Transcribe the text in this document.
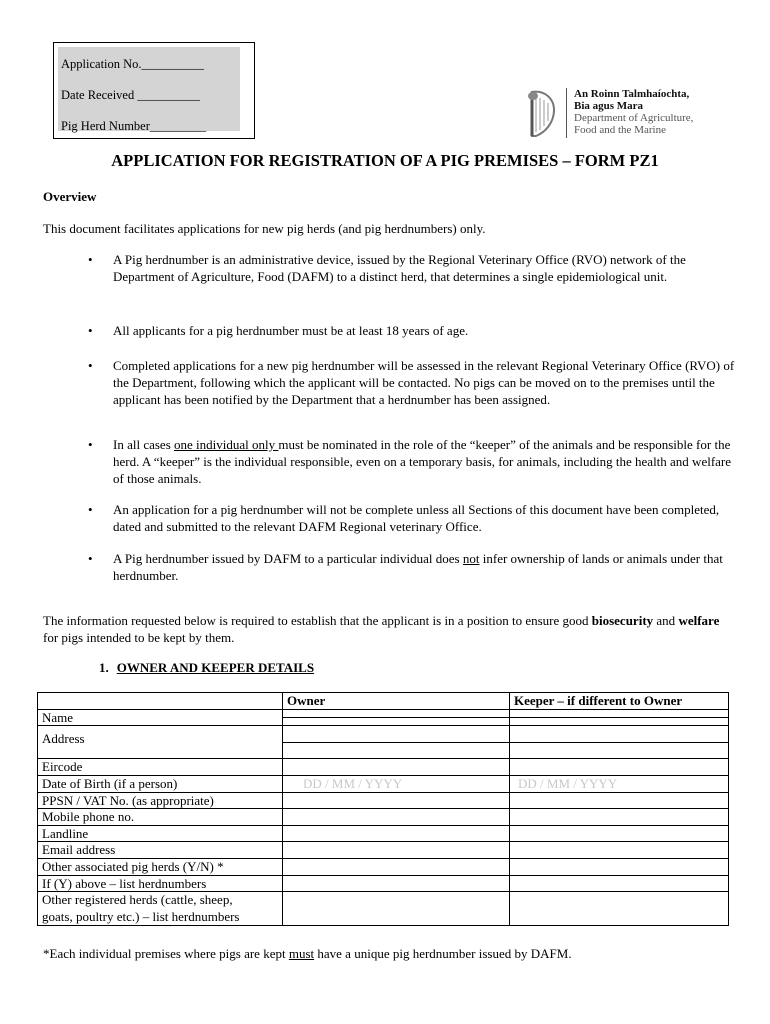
Application No.__________
Date Received __________
Pig Herd Number_________
An Roinn Talmhaíochta,
Bia agus Mara
Department of Agriculture,
Food and the Marine
APPLICATION FOR REGISTRATION OF A PIG PREMISES – FORM PZ1
Overview
This document facilitates applications for new pig herds (and pig herdnumbers) only.
• A Pig herdnumber is an administrative device, issued by the Regional Veterinary Office (RVO) network of the Department of Agriculture, Food (DAFM) to a distinct herd, that determines a single epidemiological unit.
• All applicants for a pig herdnumber must be at least 18 years of age.
• Completed applications for a new pig herdnumber will be assessed in the relevant Regional Veterinary Office (RVO) of the Department, following which the applicant will be contacted. No pigs can be moved on to the premises until the applicant has been notified by the Department that a herdnumber has been assigned.
• In all cases one individual only must be nominated in the role of the “keeper” of the animals and be responsible for the herd. A “keeper” is the individual responsible, even on a temporary basis, for animals, including the health and welfare of those animals.
• An application for a pig herdnumber will not be complete unless all Sections of this document have been completed, dated and submitted to the relevant DAFM Regional veterinary Office.
• A Pig herdnumber issued by DAFM to a particular individual does not infer ownership of lands or animals under that herdnumber.
The information requested below is required to establish that the applicant is in a position to ensure good biosecurity and welfare for pigs intended to be kept by them.
1. OWNER AND KEEPER DETAILS
	Owner	Keeper – if different to Owner
Name		

Address		

Eircode		
Date of Birth (if a person)	DD / MM / YYYY	DD / MM / YYYY
PPSN / VAT No. (as appropriate)		
Mobile phone no.		
Landline		
Email address		
Other associated pig herds (Y/N) *		
If (Y) above – list herdnumbers		
Other registered herds (cattle, sheep,
goats, poultry etc.) – list herdnumbers		
*Each individual premises where pigs are kept must have a unique pig herdnumber issued by DAFM.
